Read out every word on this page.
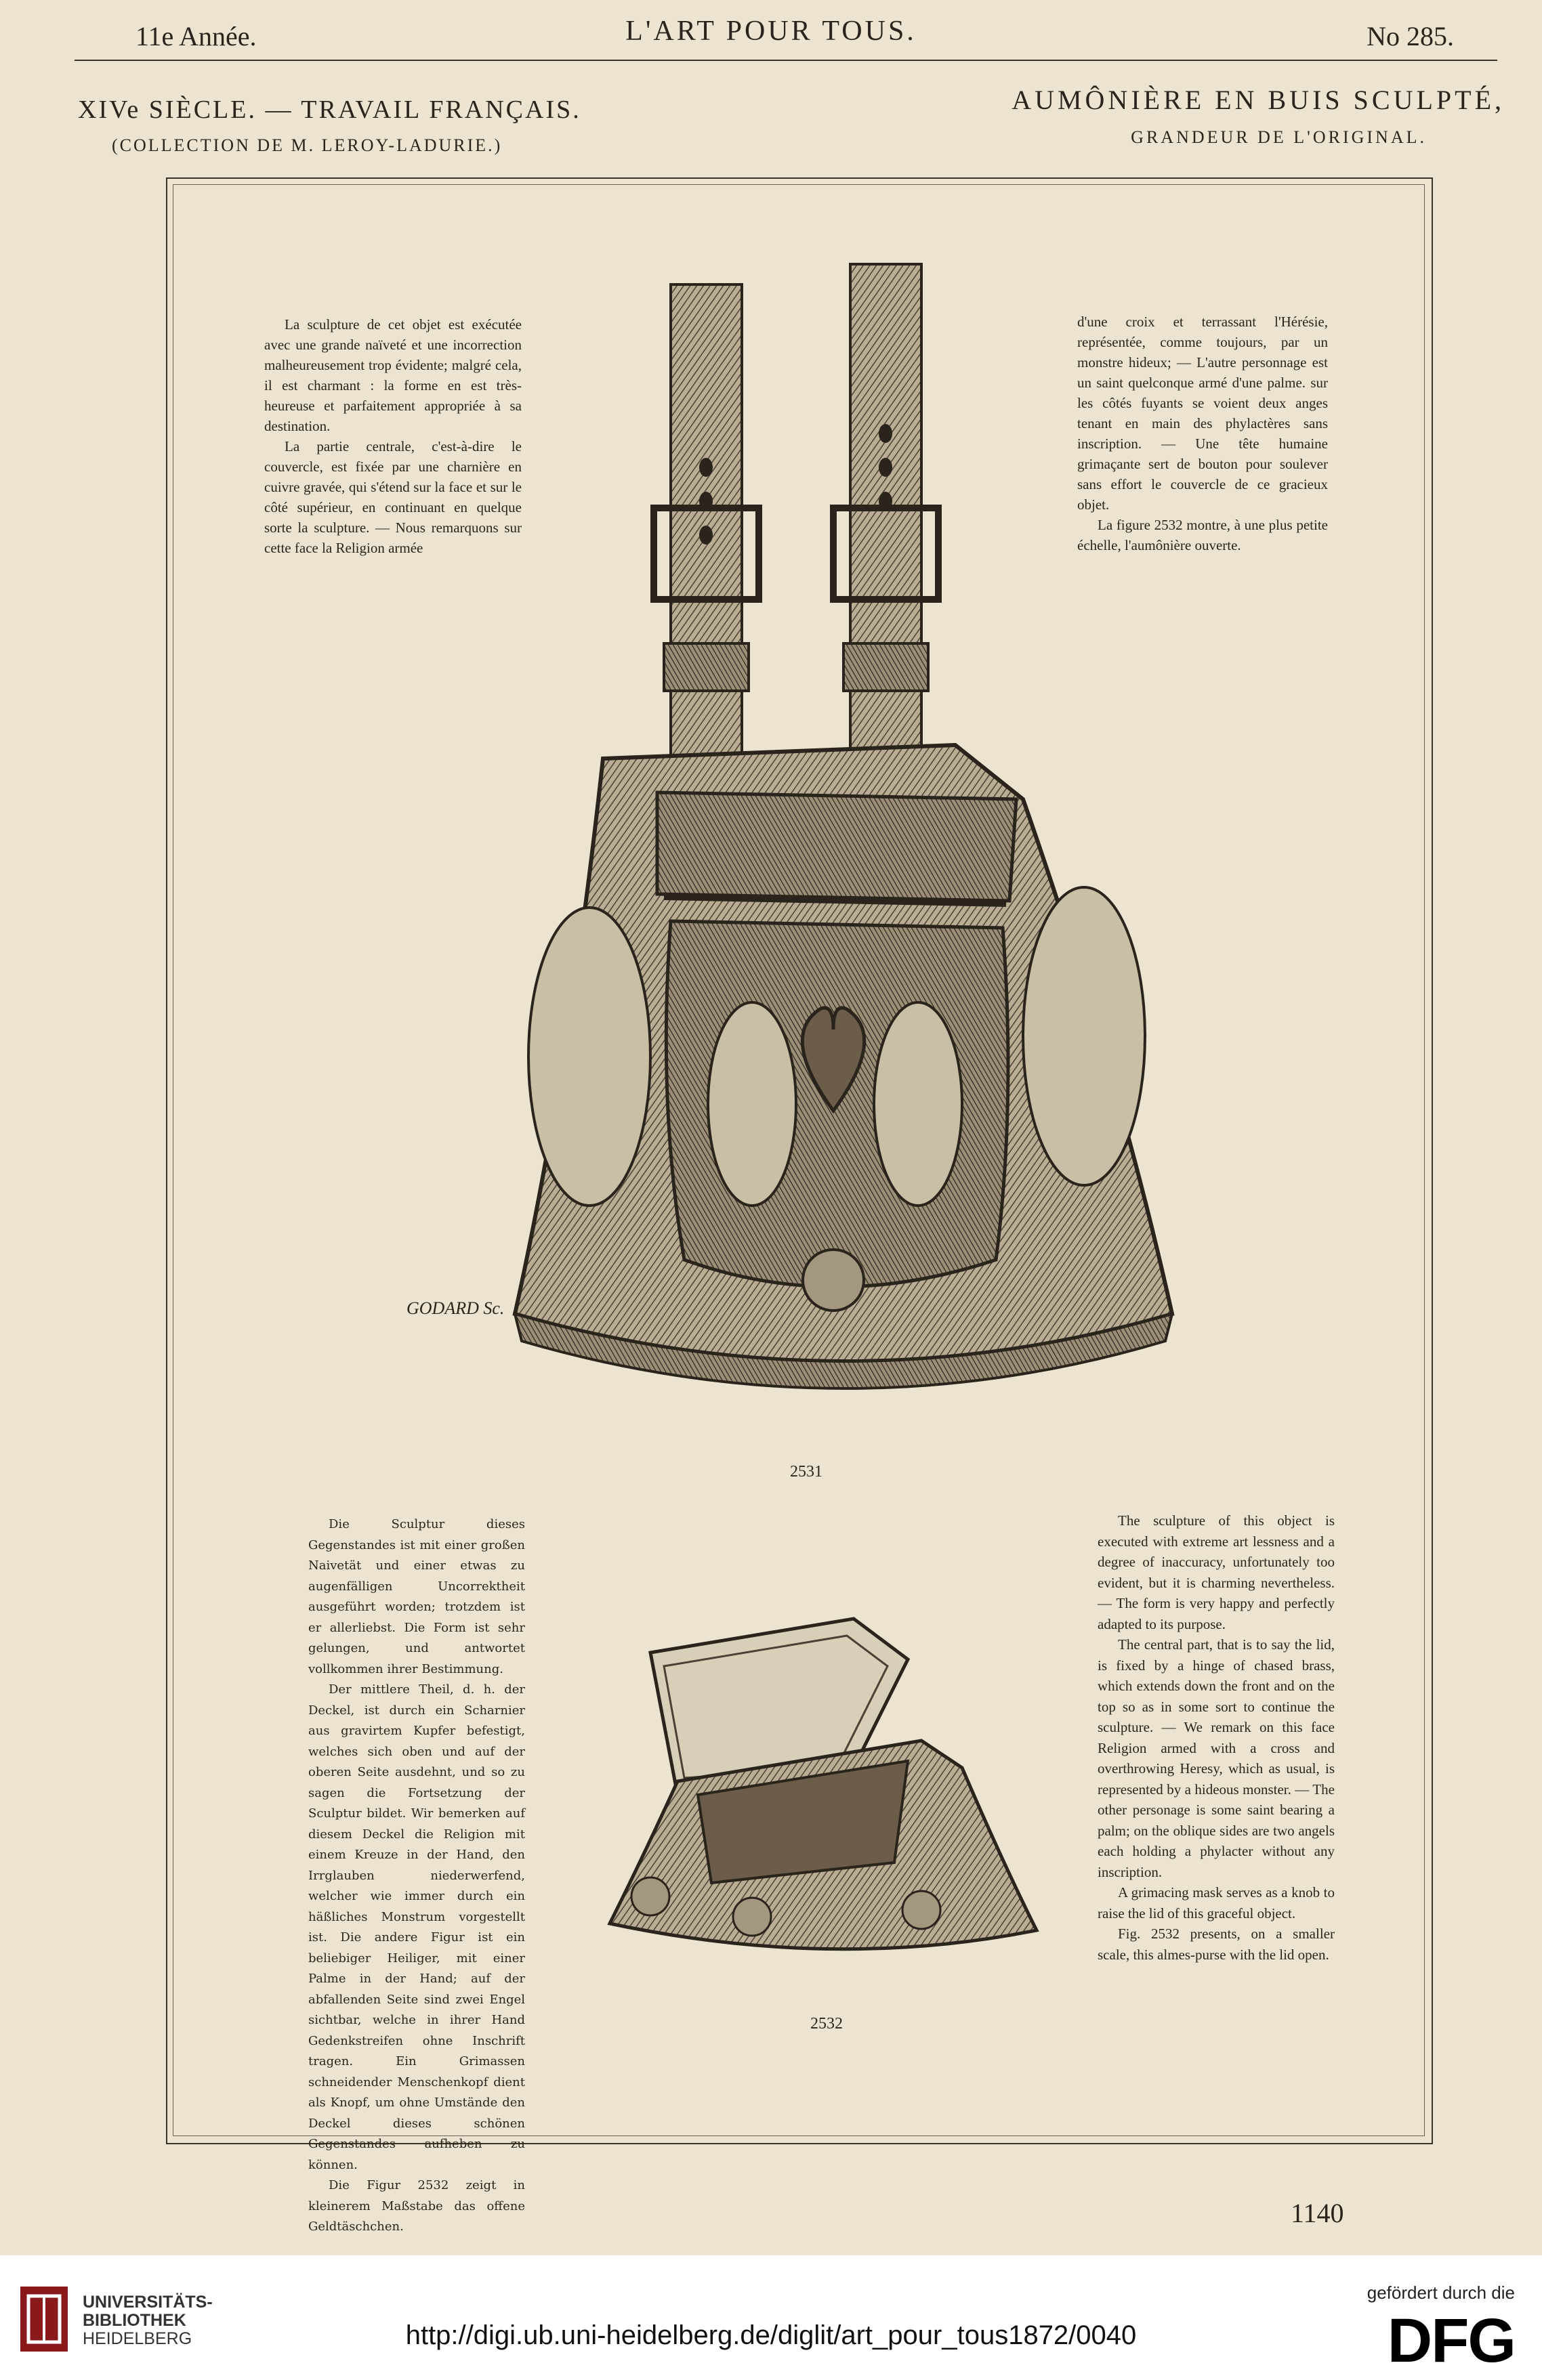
11e Année.	L'ART POUR TOUS.	No 285.
XIVe SIÈCLE. — TRAVAIL FRANÇAIS.
(COLLECTION DE M. LEROY-LADURIE.)
AUMÔNIÈRE EN BUIS SCULPTÉ,
GRANDEUR DE L'ORIGINAL.

La sculpture de cet objet est exécutée avec une grande naïveté et une incorrection malheureusement trop évidente; malgré cela, il est charmant : la forme en est très-heureuse et parfaitement appropriée à sa destination.

La partie centrale, c'est-à-dire le couvercle, est fixée par une charnière en cuivre gravée, qui s'étend sur la face et sur le côté supérieur, en continuant en quelque sorte la sculpture. — Nous remarquons sur cette face la Religion armée

d'une croix et terrassant l'Hérésie, représentée, comme toujours, par un monstre hideux; — L'autre personnage est un saint quelconque armé d'une palme. sur les côtés fuyants se voient deux anges tenant en main des phylactères sans inscription. — Une tête humaine grimaçante sert de bouton pour soulever sans effort le couvercle de ce gracieux objet.

La figure 2532 montre, à une plus petite échelle, l'aumônière ouverte.

GODARD Sc.
2531

Die Sculptur dieses Gegenstandes ist mit einer großen Naivetät und einer etwas zu augenfälligen Uncorrektheit ausgeführt worden; trotzdem ist er allerliebst. Die Form ist sehr gelungen, und antwortet vollkommen ihrer Bestimmung.

Der mittlere Theil, d. h. der Deckel, ist durch ein Scharnier aus gravirtem Kupfer befestigt, welches sich oben und auf der oberen Seite ausdehnt, und so zu sagen die Fortsetzung der Sculptur bildet. Wir bemerken auf diesem Deckel die Religion mit einem Kreuze in der Hand, den Irrglauben niederwerfend, welcher wie immer durch ein häßliches Monstrum vorgestellt ist. Die andere Figur ist ein beliebiger Heiliger, mit einer Palme in der Hand; auf der abfallenden Seite sind zwei Engel sichtbar, welche in ihrer Hand Gedenkstreifen ohne Inschrift tragen. Ein Grimassen schneidender Menschenkopf dient als Knopf, um ohne Umstände den Deckel dieses schönen Gegenstandes aufheben zu können.

Die Figur 2532 zeigt in kleinerem Maßstabe das offene Geldtäschchen.

2532

The sculpture of this object is executed with extreme art lessness and a degree of inaccuracy, unfortunately too evident, but it is charming nevertheless. — The form is very happy and perfectly adapted to its purpose.

The central part, that is to say the lid, is fixed by a hinge of chased brass, which extends down the front and on the top so as in some sort to continue the sculpture. — We remark on this face Religion armed with a cross and overthrowing Heresy, which as usual, is represented by a hideous monster. — The other personage is some saint bearing a palm; on the oblique sides are two angels each holding a phylacter without any inscription.

A grimacing mask serves as a knob to raise the lid of this graceful object.

Fig. 2532 presents, on a smaller scale, this almes-purse with the lid open.

1140
UNIVERSITÄTS-
BIBLIOTHEK
HEIDELBERG	http://digi.ub.uni-heidelberg.de/diglit/art_pour_tous1872/0040
gefördert durch die
DFG
